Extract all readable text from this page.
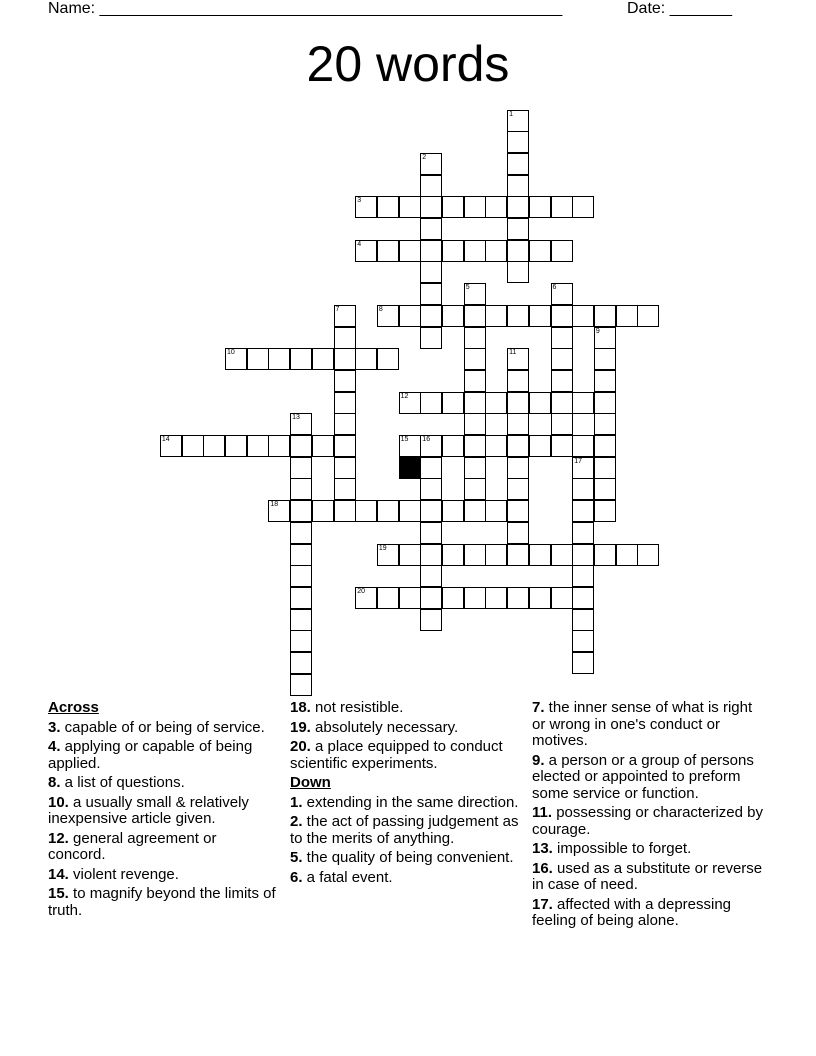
Name: ____________________________________________________	Date: _______
20 words
1
2
3
4
5	6
7	8
9
10	11
12
13
14	15 16
17
18
19
20
Across
3. capable of or being of service.
4. applying or capable of being applied.
8. a list of questions.
10. a usually small & relatively inexpensive article given.
12. general agreement or concord.
14. violent revenge.
15. to magnify beyond the limits of truth.
18. not resistible.
19. absolutely necessary.
20. a place equipped to conduct scientific experiments.
Down
1. extending in the same direction.
2. the act of passing judgement as to the merits of anything.
5. the quality of being convenient.
6. a fatal event.
7. the inner sense of what is right or wrong in one's conduct or motives.
9. a person or a group of persons elected or appointed to preform some service or function.
11. possessing or characterized by courage.
13. impossible to forget.
16. used as a substitute or reverse in case of need.
17. affected with a depressing feeling of being alone.
